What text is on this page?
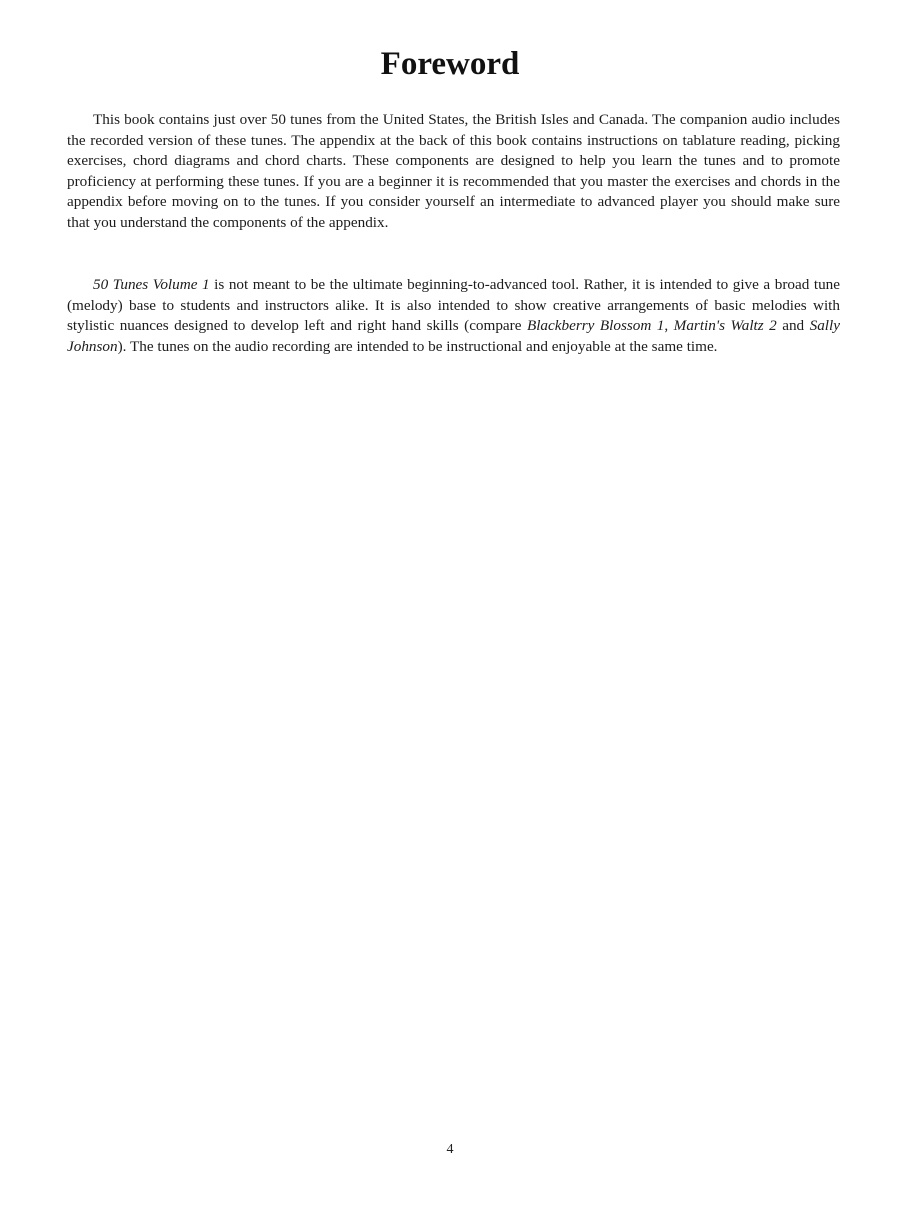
Foreword

This book contains just over 50 tunes from the United States, the British Isles and Canada. The companion audio includes the recorded version of these tunes. The appendix at the back of this book contains instructions on tablature reading, picking exercises, chord diagrams and chord charts. These components are designed to help you learn the tunes and to promote proficiency at performing these tunes. If you are a beginner it is recommended that you master the exercises and chords in the appendix before moving on to the tunes. If you consider yourself an intermediate to advanced player you should make sure that you understand the components of the appendix.

50 Tunes Volume 1 is not meant to be the ultimate beginning-to-advanced tool. Rather, it is intended to give a broad tune (melody) base to students and instructors alike. It is also intended to show creative arrangements of basic melodies with stylistic nuances designed to develop left and right hand skills (compare Blackberry Blossom 1, Martin's Waltz 2 and Sally Johnson). The tunes on the audio recording are intended to be instructional and enjoyable at the same time.

4
